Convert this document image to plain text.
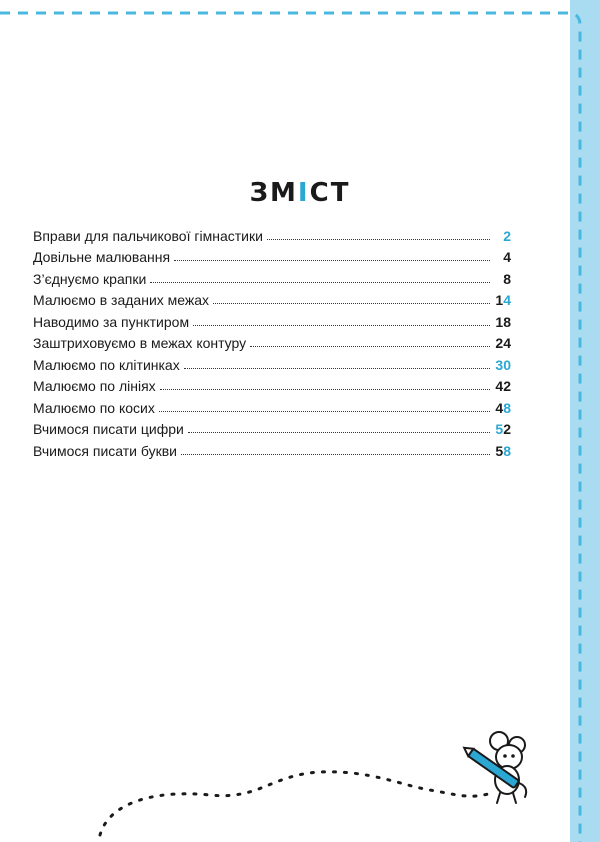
ЗМІСТ
Вправи для пальчикової гімнастики	2
Довільне малювання	4
З’єднуємо крапки	8
Малюємо в заданих межах	14
Наводимо за пунктиром	18
Заштриховуємо в межах контуру	24
Малюємо по клітинках	30
Малюємо по лініях	42
Малюємо по косих	48
Вчимося писати цифри	52
Вчимося писати букви	58
